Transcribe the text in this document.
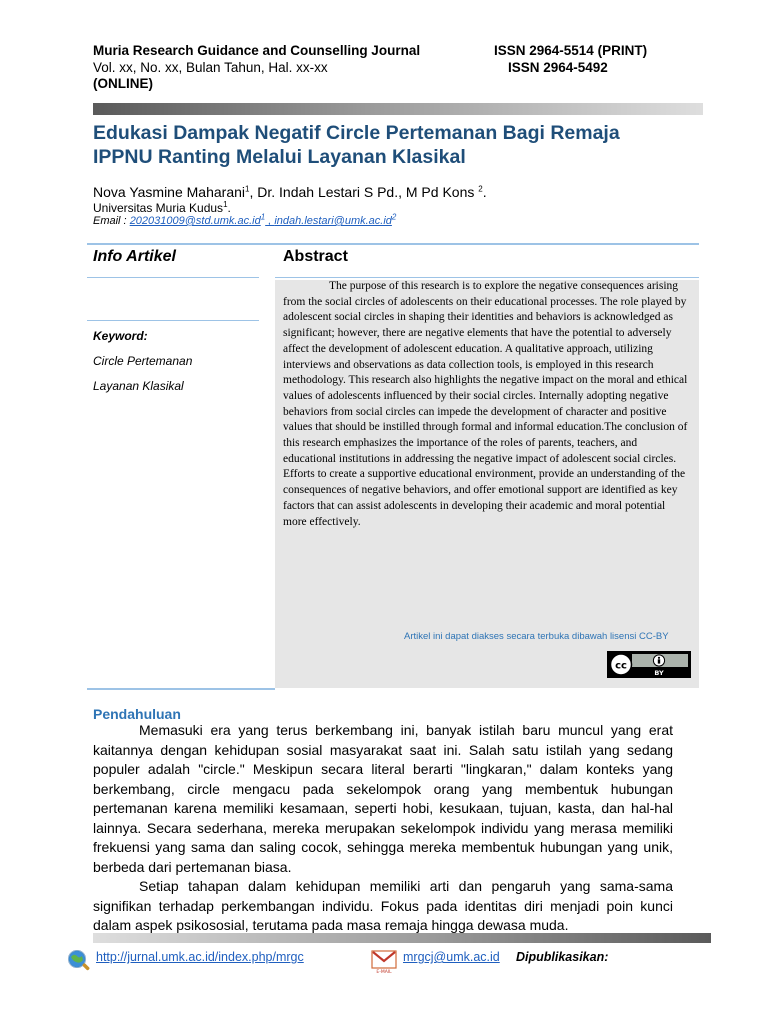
Muria Research Guidance and Counselling Journal	ISSN 2964-5514 (PRINT)
Vol. xx, No. xx, Bulan Tahun, Hal. xx-xx	ISSN 2964-5492
(ONLINE)
Edukasi Dampak Negatif Circle Pertemanan Bagi Remaja IPPNU Ranting Melalui Layanan Klasikal
Nova Yasmine Maharani$^1$, Dr. Indah Lestari S Pd., M Pd Kons $^2$.
Universitas Muria Kudus$^1$.
Email : $202031009@std.umk.ac.id^1$ , $indah.lestari@umk.ac.id^2$
Info Artikel	Abstract
Keyword:
Circle Pertemanan
Layanan Klasikal
The purpose of this research is to explore the negative consequences arising from the social circles of adolescents on their educational processes. The role played by adolescent social circles in shaping their identities and behaviors is acknowledged as significant; however, there are negative elements that have the potential to adversely affect the development of adolescent education. A qualitative approach, utilizing interviews and observations as data collection tools, is employed in this research methodology. This research also highlights the negative impact on the moral and ethical values of adolescents influenced by their social circles. Internally adopting negative behaviors from social circles can impede the development of character and positive values that should be instilled through formal and informal education.The conclusion of this research emphasizes the importance of the roles of parents, teachers, and educational institutions in addressing the negative impact of adolescent social circles. Efforts to create a supportive educational environment, provide an understanding of the consequences of negative behaviors, and offer emotional support are identified as key factors that can assist adolescents in developing their academic and moral potential more effectively.
Artikel ini dapat diakses secara terbuka dibawah lisensi CC-BY
cc
BY
Pendahuluan

Memasuki era yang terus berkembang ini, banyak istilah baru muncul yang erat kaitannya dengan kehidupan sosial masyarakat saat ini. Salah satu istilah yang sedang populer adalah "circle." Meskipun secara literal berarti "lingkaran," dalam konteks yang berkembang, circle mengacu pada sekelompok orang yang membentuk hubungan pertemanan karena memiliki kesamaan, seperti hobi, kesukaan, tujuan, kasta, dan hal-hal lainnya. Secara sederhana, mereka merupakan sekelompok individu yang merasa memiliki frekuensi yang sama dan saling cocok, sehingga mereka membentuk hubungan yang unik, berbeda dari pertemanan biasa.

Setiap tahapan dalam kehidupan memiliki arti dan pengaruh yang sama-sama signifikan terhadap perkembangan individu. Fokus pada identitas diri menjadi poin kunci dalam aspek psikososial, terutama pada masa remaja hingga dewasa muda.

http://jurnal.umk.ac.id/index.php/mrgc
E-MAIL
mrgcj@umk.ac.id Dipublikasikan:
